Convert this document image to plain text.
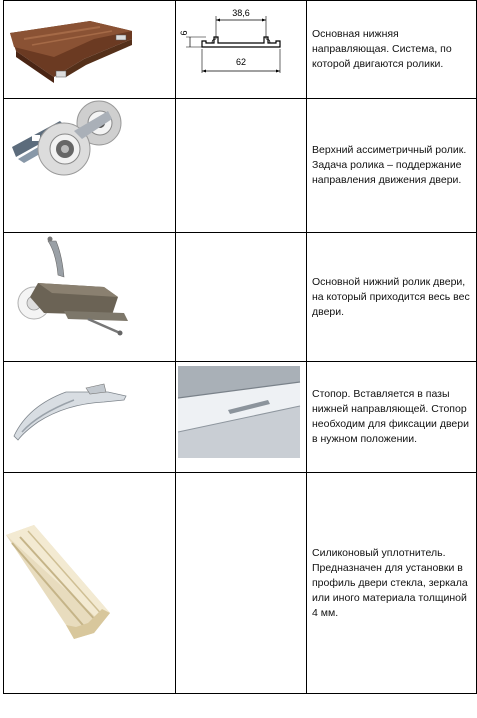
38,6
6
62	Основная нижняя направляющая. Система, по которой двигаются ролики.

Верхний ассиметричный ролик. Задача ролика – поддержание направления движения двери.

Основной нижний ролик двери, на который приходится весь вес двери.

Стопор. Вставляется в пазы нижней направляющей. Стопор необходим для фиксации двери в нужном положении.

Силиконовый уплотнитель. Предназначен для установки в профиль двери стекла, зеркала или иного материала толщиной 4 мм.
